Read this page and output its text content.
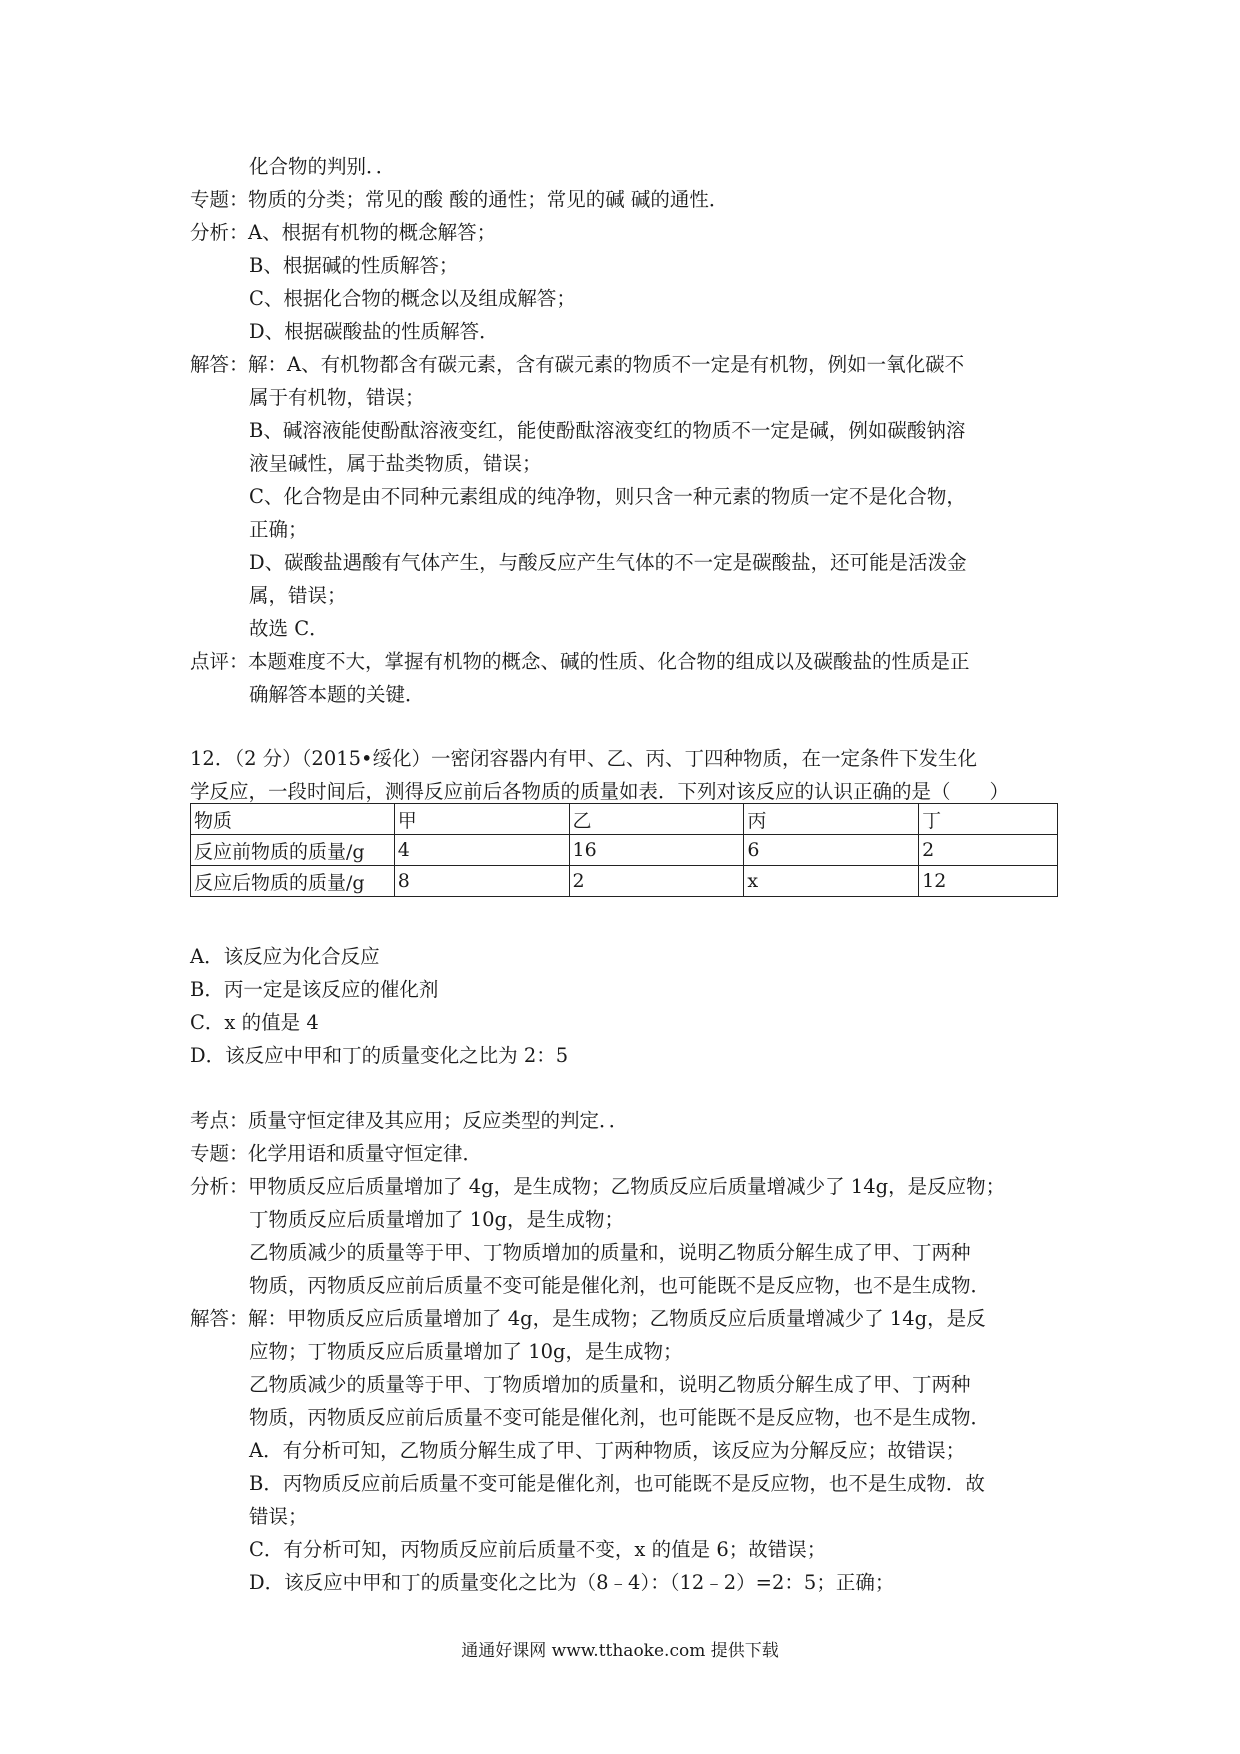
化合物的判别．．
专题：物质的分类；常见的酸 酸的通性；常见的碱 碱的通性．
分析：A、根据有机物的概念解答；
B、根据碱的性质解答；
C、根据化合物的概念以及组成解答；
D、根据碳酸盐的性质解答．
解答：解：A、有机物都含有碳元素，含有碳元素的物质不一定是有机物，例如一氧化碳不
属于有机物，错误；
B、碱溶液能使酚酞溶液变红，能使酚酞溶液变红的物质不一定是碱，例如碳酸钠溶
液呈碱性，属于盐类物质，错误；
C、化合物是由不同种元素组成的纯净物，则只含一种元素的物质一定不是化合物，
正确；
D、碳酸盐遇酸有气体产生，与酸反应产生气体的不一定是碳酸盐，还可能是活泼金
属，错误；
故选 C．
点评：本题难度不大，掌握有机物的概念、碱的性质、化合物的组成以及碳酸盐的性质是正
确解答本题的关键．
12．（2 分）（2015•绥化）一密闭容器内有甲、乙、丙、丁四种物质，在一定条件下发生化
学反应，一段时间后，测得反应前后各物质的质量如表．下列对该反应的认识正确的是（　　）
物质	甲	乙	丙	丁
反应前物质的质量/g	4	16	6	2
反应后物质的质量/g	8	2	x	12
A．该反应为化合反应
B．丙一定是该反应的催化剂
C．x 的值是 4
D．该反应中甲和丁的质量变化之比为 2：5
考点：质量守恒定律及其应用；反应类型的判定．．
专题：化学用语和质量守恒定律．
分析：甲物质反应后质量增加了 4g，是生成物；乙物质反应后质量增减少了 14g，是反应物；
丁物质反应后质量增加了 10g，是生成物；
乙物质减少的质量等于甲、丁物质增加的质量和，说明乙物质分解生成了甲、丁两种
物质，丙物质反应前后质量不变可能是催化剂，也可能既不是反应物，也不是生成物．
解答：解：甲物质反应后质量增加了 4g，是生成物；乙物质反应后质量增减少了 14g，是反
应物；丁物质反应后质量增加了 10g，是生成物；
乙物质减少的质量等于甲、丁物质增加的质量和，说明乙物质分解生成了甲、丁两种
物质，丙物质反应前后质量不变可能是催化剂，也可能既不是反应物，也不是生成物．
A．有分析可知，乙物质分解生成了甲、丁两种物质，该反应为分解反应；故错误；
B．丙物质反应前后质量不变可能是催化剂，也可能既不是反应物，也不是生成物．故
错误；
C．有分析可知，丙物质反应前后质量不变，x 的值是 6；故错误；
D．该反应中甲和丁的质量变化之比为（8﹣4）：（12﹣2）=2：5；正确；
通通好课网 www.tthaoke.com 提供下载
